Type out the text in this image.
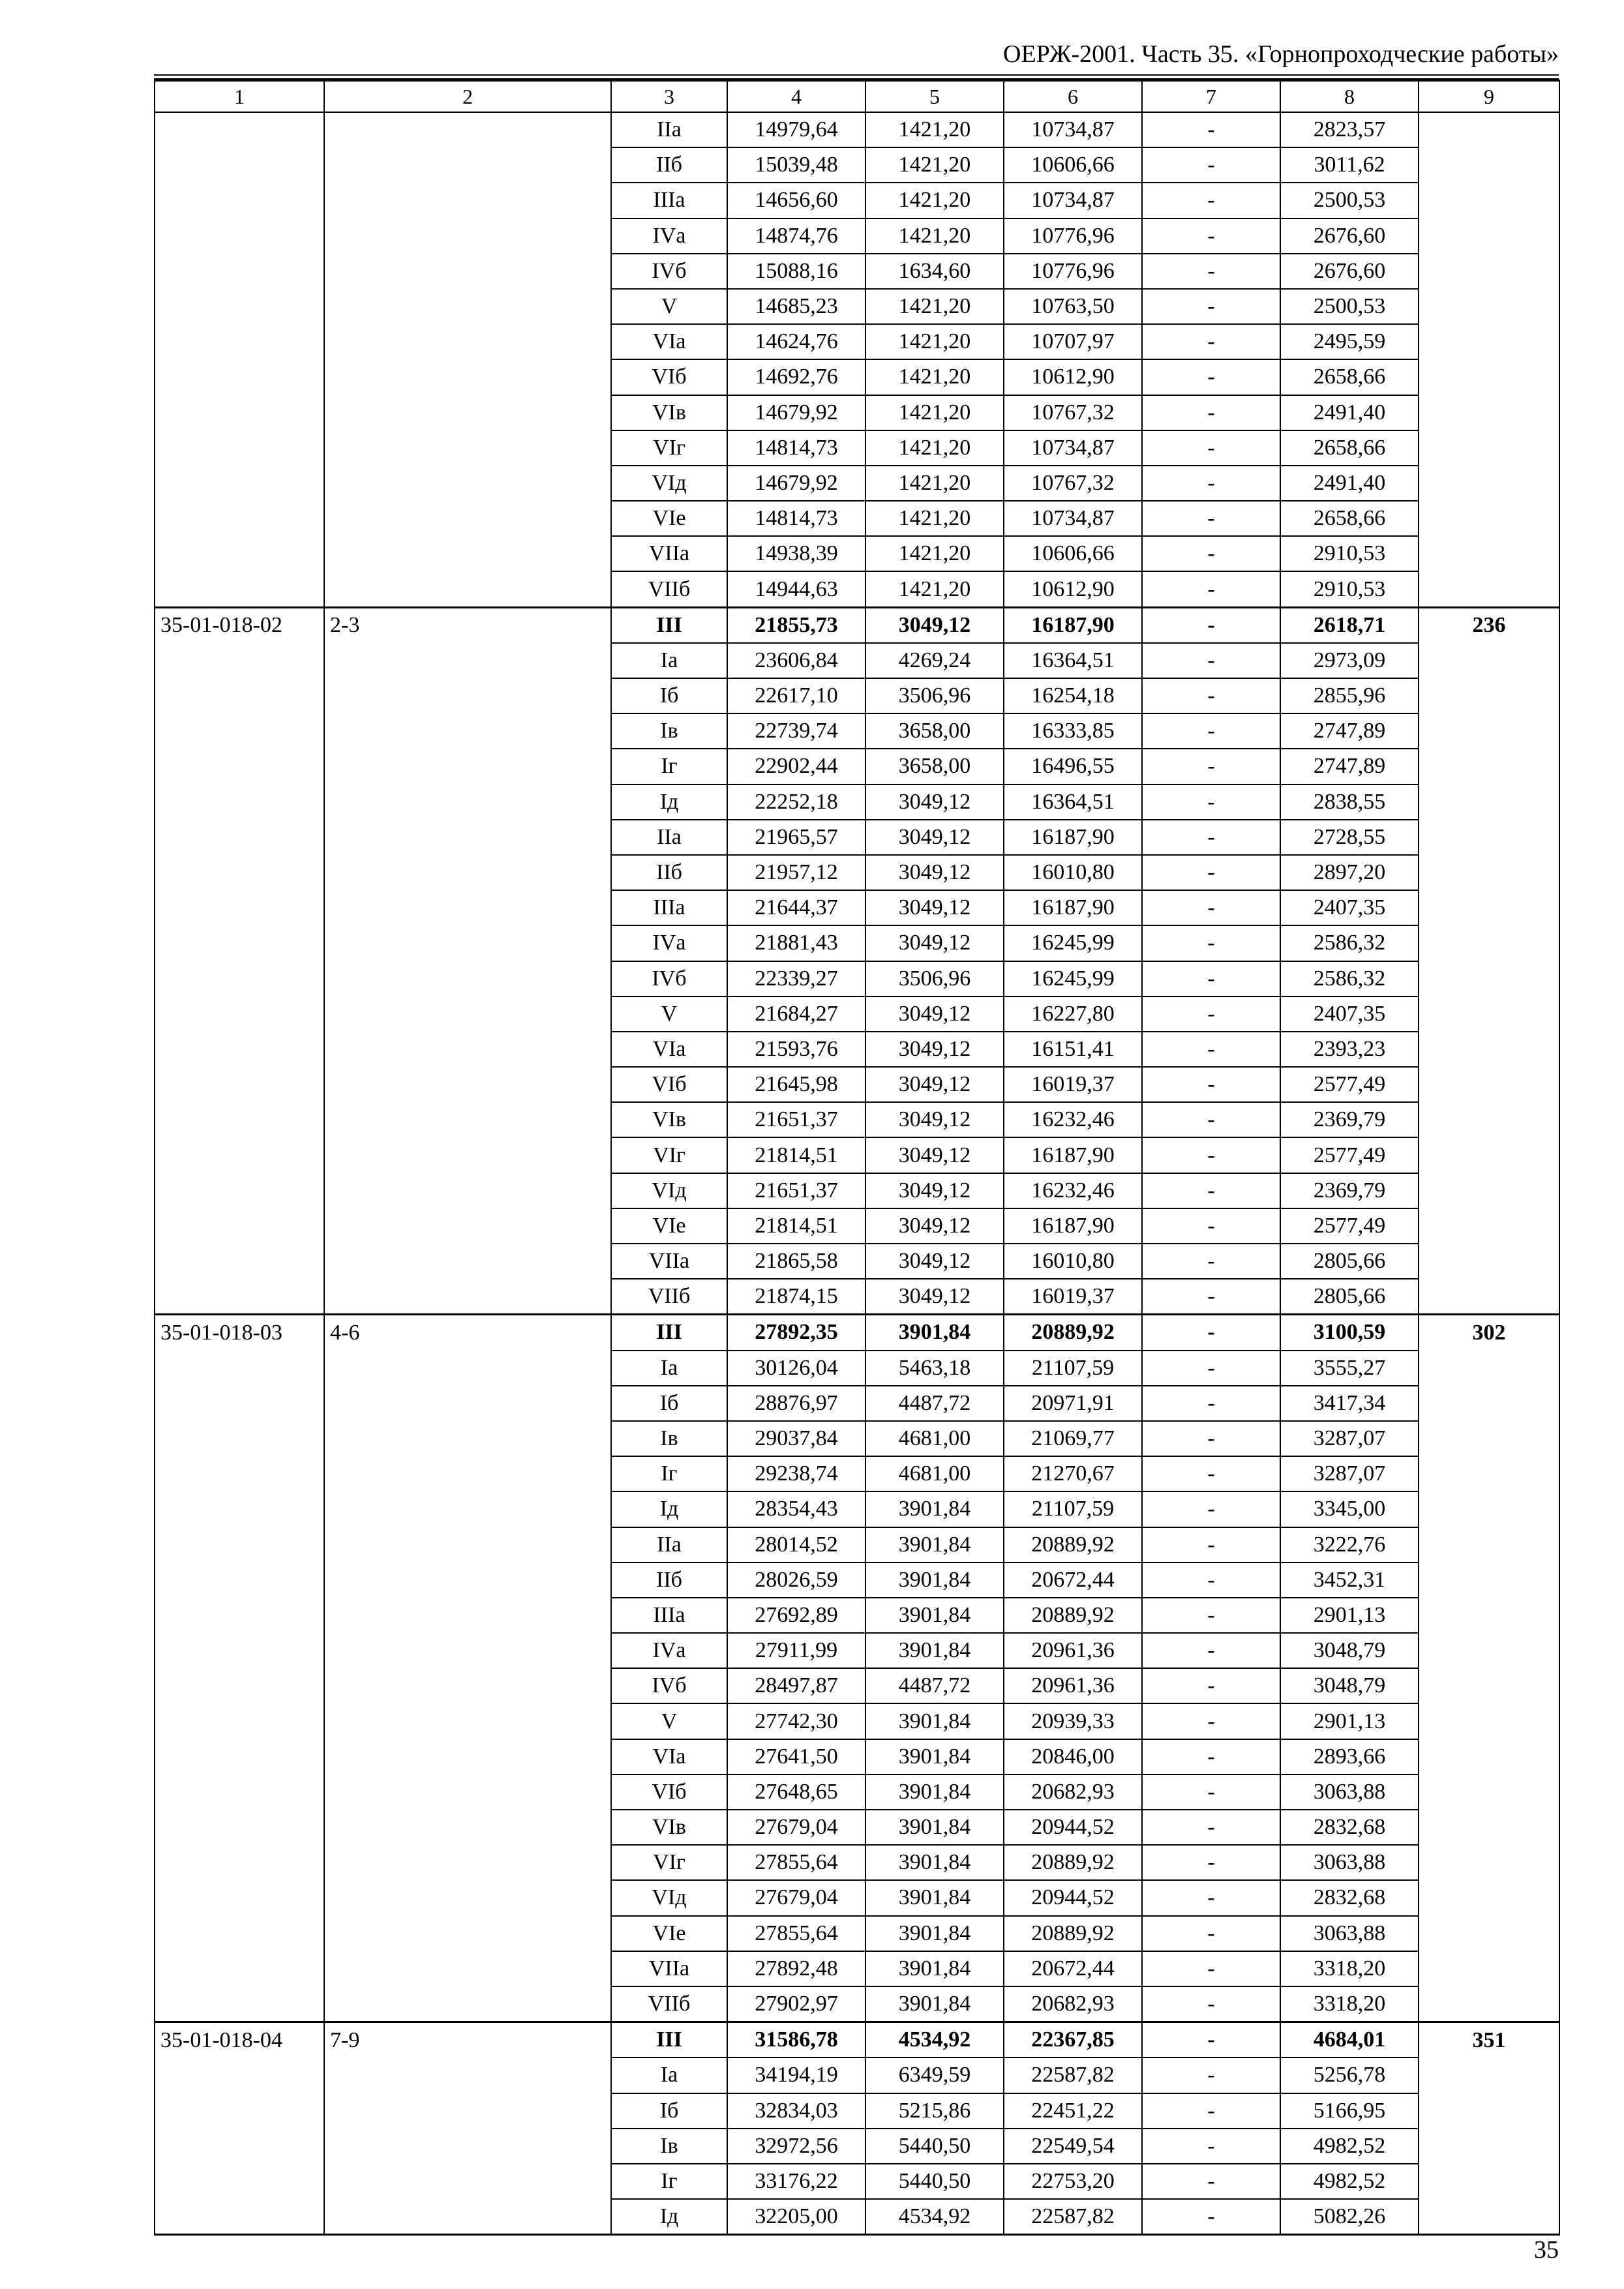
ОЕРЖ-2001. Часть 35. «Горнопроходческие работы»
1	2	3	4	5	6	7	8	9
		IIа	14979,64	1421,20	10734,87	-	2823,57	
		IIб	15039,48	1421,20	10606,66	-	3011,62	
		IIIа	14656,60	1421,20	10734,87	-	2500,53	
		IVа	14874,76	1421,20	10776,96	-	2676,60	
		IVб	15088,16	1634,60	10776,96	-	2676,60	
		V	14685,23	1421,20	10763,50	-	2500,53	
		VIа	14624,76	1421,20	10707,97	-	2495,59	
		VIб	14692,76	1421,20	10612,90	-	2658,66	
		VIв	14679,92	1421,20	10767,32	-	2491,40	
		VIг	14814,73	1421,20	10734,87	-	2658,66	
		VIд	14679,92	1421,20	10767,32	-	2491,40	
		VIе	14814,73	1421,20	10734,87	-	2658,66	
		VIIа	14938,39	1421,20	10606,66	-	2910,53	
		VIIб	14944,63	1421,20	10612,90	-	2910,53	
35-01-018-02	2-3	III	21855,73	3049,12	16187,90	-	2618,71	236
		Iа	23606,84	4269,24	16364,51	-	2973,09	
		Iб	22617,10	3506,96	16254,18	-	2855,96	
		Iв	22739,74	3658,00	16333,85	-	2747,89	
		Iг	22902,44	3658,00	16496,55	-	2747,89	
		Iд	22252,18	3049,12	16364,51	-	2838,55	
		IIа	21965,57	3049,12	16187,90	-	2728,55	
		IIб	21957,12	3049,12	16010,80	-	2897,20	
		IIIа	21644,37	3049,12	16187,90	-	2407,35	
		IVа	21881,43	3049,12	16245,99	-	2586,32	
		IVб	22339,27	3506,96	16245,99	-	2586,32	
		V	21684,27	3049,12	16227,80	-	2407,35	
		VIа	21593,76	3049,12	16151,41	-	2393,23	
		VIб	21645,98	3049,12	16019,37	-	2577,49	
		VIв	21651,37	3049,12	16232,46	-	2369,79	
		VIг	21814,51	3049,12	16187,90	-	2577,49	
		VIд	21651,37	3049,12	16232,46	-	2369,79	
		VIе	21814,51	3049,12	16187,90	-	2577,49	
		VIIа	21865,58	3049,12	16010,80	-	2805,66	
		VIIб	21874,15	3049,12	16019,37	-	2805,66	
35-01-018-03	4-6	III	27892,35	3901,84	20889,92	-	3100,59	302
		Iа	30126,04	5463,18	21107,59	-	3555,27	
		Iб	28876,97	4487,72	20971,91	-	3417,34	
		Iв	29037,84	4681,00	21069,77	-	3287,07	
		Iг	29238,74	4681,00	21270,67	-	3287,07	
		Iд	28354,43	3901,84	21107,59	-	3345,00	
		IIа	28014,52	3901,84	20889,92	-	3222,76	
		IIб	28026,59	3901,84	20672,44	-	3452,31	
		IIIа	27692,89	3901,84	20889,92	-	2901,13	
		IVа	27911,99	3901,84	20961,36	-	3048,79	
		IVб	28497,87	4487,72	20961,36	-	3048,79	
		V	27742,30	3901,84	20939,33	-	2901,13	
		VIа	27641,50	3901,84	20846,00	-	2893,66	
		VIб	27648,65	3901,84	20682,93	-	3063,88	
		VIв	27679,04	3901,84	20944,52	-	2832,68	
		VIг	27855,64	3901,84	20889,92	-	3063,88	
		VIд	27679,04	3901,84	20944,52	-	2832,68	
		VIе	27855,64	3901,84	20889,92	-	3063,88	
		VIIа	27892,48	3901,84	20672,44	-	3318,20	
		VIIб	27902,97	3901,84	20682,93	-	3318,20	
35-01-018-04	7-9	III	31586,78	4534,92	22367,85	-	4684,01	351
		Iа	34194,19	6349,59	22587,82	-	5256,78	
		Iб	32834,03	5215,86	22451,22	-	5166,95	
		Iв	32972,56	5440,50	22549,54	-	4982,52	
		Iг	33176,22	5440,50	22753,20	-	4982,52	
		Iд	32205,00	4534,92	22587,82	-	5082,26	
35
